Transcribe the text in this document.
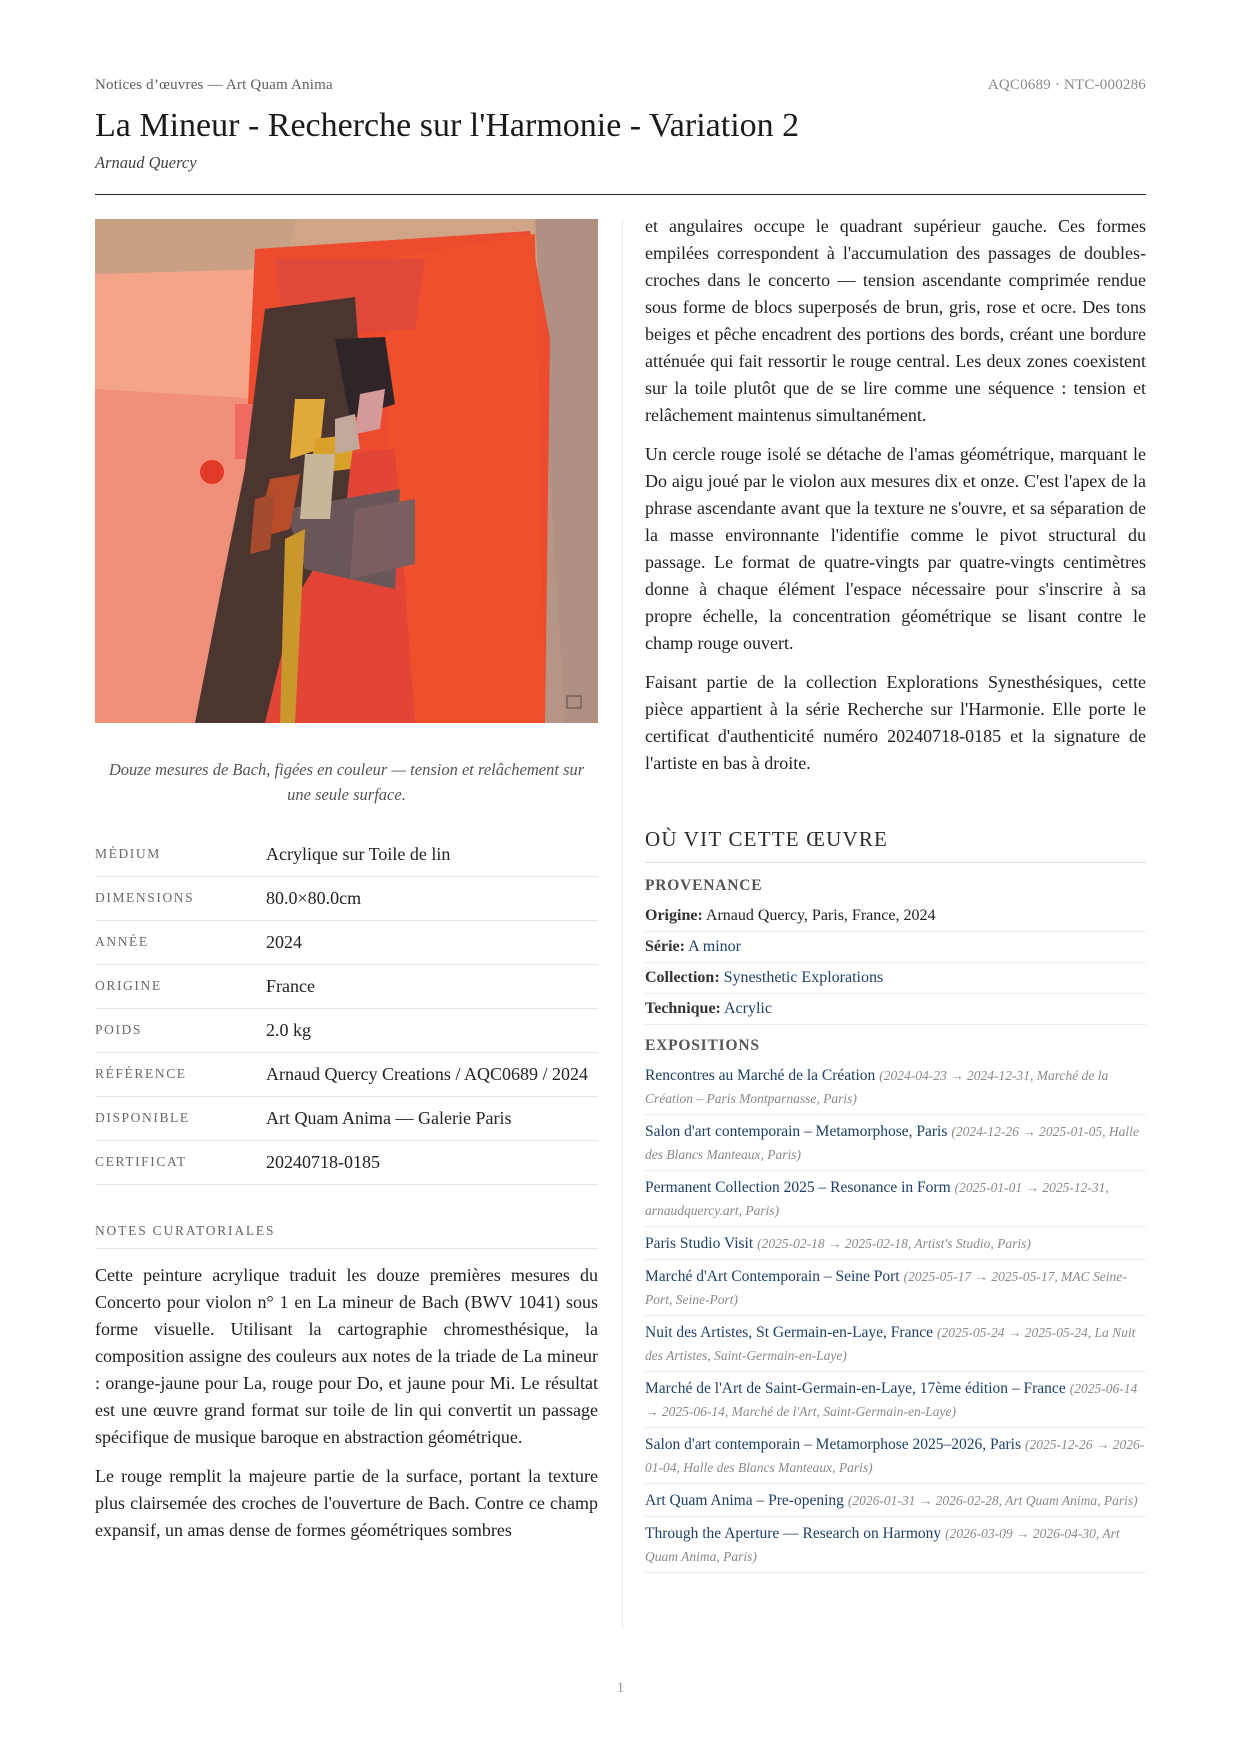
Notices d’œuvres — Art Quam Anima	AQC0689 · NTC-000286
La Mineur - Recherche sur l'Harmonie - Variation 2
Arnaud Quercy
Douze mesures de Bach, figées en couleur — tension et relâchement sur une seule surface.
MÉDIUM	Acrylique sur Toile de lin
DIMENSIONS	80.0×80.0cm
ANNÉE	2024
ORIGINE	France
POIDS	2.0 kg
RÉFÉRENCE	Arnaud Quercy Creations / AQC0689 / 2024
DISPONIBLE	Art Quam Anima — Galerie Paris
CERTIFICAT	20240718-0185
NOTES CURATORIALES

Cette peinture acrylique traduit les douze premières mesures du Concerto pour violon n° 1 en La mineur de Bach (BWV 1041) sous forme visuelle. Utilisant la cartographie chromesthésique, la composition assigne des couleurs aux notes de la triade de La mineur : orange-jaune pour La, rouge pour Do, et jaune pour Mi. Le résultat est une œuvre grand format sur toile de lin qui convertit un passage spécifique de musique baroque en abstraction géométrique.

Le rouge remplit la majeure partie de la surface, portant la texture plus clairsemée des croches de l'ouverture de Bach. Contre ce champ expansif, un amas dense de formes géométriques sombres

et angulaires occupe le quadrant supérieur gauche. Ces formes empilées correspondent à l'accumulation des passages de doubles-croches dans le concerto — tension ascendante comprimée rendue sous forme de blocs superposés de brun, gris, rose et ocre. Des tons beiges et pêche encadrent des portions des bords, créant une bordure atténuée qui fait ressortir le rouge central. Les deux zones coexistent sur la toile plutôt que de se lire comme une séquence : tension et relâchement maintenus simultanément.

Un cercle rouge isolé se détache de l'amas géométrique, marquant le Do aigu joué par le violon aux mesures dix et onze. C'est l'apex de la phrase ascendante avant que la texture ne s'ouvre, et sa séparation de la masse environnante l'identifie comme le pivot structural du passage. Le format de quatre-vingts par quatre-vingts centimètres donne à chaque élément l'espace nécessaire pour s'inscrire à sa propre échelle, la concentration géométrique se lisant contre le champ rouge ouvert.

Faisant partie de la collection Explorations Synesthésiques, cette pièce appartient à la série Recherche sur l'Harmonie. Elle porte le certificat d'authenticité numéro 20240718-0185 et la signature de l'artiste en bas à droite.

OÙ VIT CETTE ŒUVRE
PROVENANCE
Origine: Arnaud Quercy, Paris, France, 2024
Série: A minor
Collection: Synesthetic Explorations
Technique: Acrylic
EXPOSITIONS
Rencontres au Marché de la Création (2024-04-23 → 2024-12-31, Marché de la Création – Paris Montparnasse, Paris)
Salon d'art contemporain – Metamorphose, Paris (2024-12-26 → 2025-01-05, Halle des Blancs Manteaux, Paris)
Permanent Collection 2025 – Resonance in Form (2025-01-01 → 2025-12-31, arnaudquercy.art, Paris)
Paris Studio Visit (2025-02-18 → 2025-02-18, Artist's Studio, Paris)
Marché d'Art Contemporain – Seine Port (2025-05-17 → 2025-05-17, MAC Seine-Port, Seine-Port)
Nuit des Artistes, St Germain-en-Laye, France (2025-05-24 → 2025-05-24, La Nuit des Artistes, Saint-Germain-en-Laye)
Marché de l'Art de Saint-Germain-en-Laye, 17ème édition – France (2025-06-14 → 2025-06-14, Marché de l'Art, Saint-Germain-en-Laye)
Salon d'art contemporain – Metamorphose 2025–2026, Paris (2025-12-26 → 2026-01-04, Halle des Blancs Manteaux, Paris)
Art Quam Anima – Pre-opening (2026-01-31 → 2026-02-28, Art Quam Anima, Paris)
Through the Aperture — Research on Harmony (2026-03-09 → 2026-04-30, Art Quam Anima, Paris)
1
